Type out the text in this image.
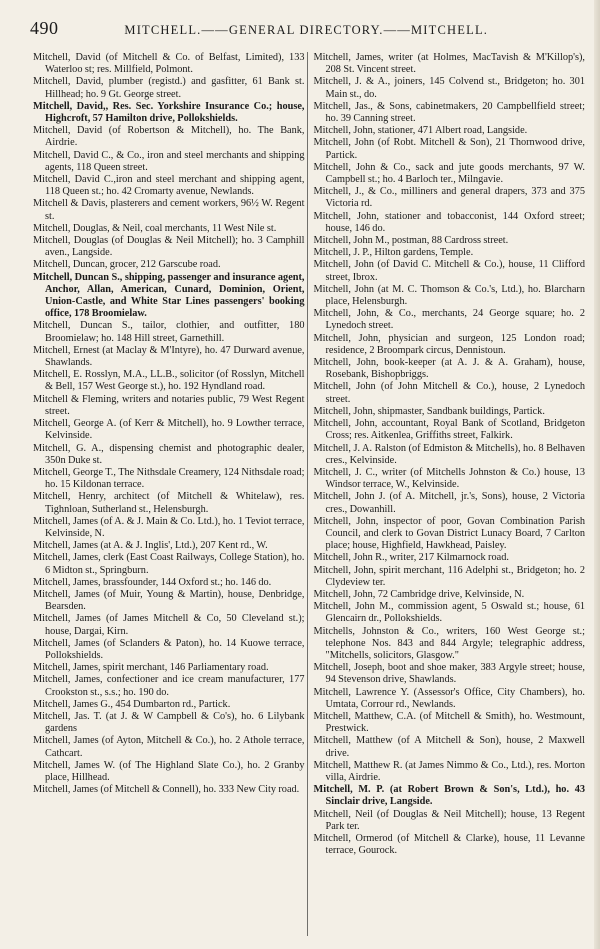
490	MITCHELL.——GENERAL DIRECTORY.——MITCHELL.

Mitchell, David (of Mitchell & Co. of Belfast, Limited), 133 Waterloo st; res. Millfield, Polmont.

Mitchell, David, plumber (registd.) and gasfitter, 61 Bank st. Hillhead; ho. 9 Gt. George street.

Mitchell, David,, Res. Sec. Yorkshire Insurance Co.; house, Highcroft, 57 Hamilton drive, Pollokshields.

Mitchell, David (of Robertson & Mitchell), ho. The Bank, Airdrie.

Mitchell, David C., & Co., iron and steel merchants and shipping agents, 118 Queen street.

Mitchell, David C.,iron and steel merchant and shipping agent, 118 Queen st.; ho. 42 Cromarty avenue, Newlands.

Mitchell & Davis, plasterers and cement workers, 96½ W. Regent st.

Mitchell, Douglas, & Neil, coal merchants, 11 West Nile st.

Mitchell, Douglas (of Douglas & Neil Mitchell); ho. 3 Camphill aven., Langside.

Mitchell, Duncan, grocer, 212 Garscube road.

Mitchell, Duncan S., shipping, passenger and insurance agent, Anchor, Allan, American, Cunard, Dominion, Orient, Union-Castle, and White Star Lines passengers' booking office, 178 Broomielaw.

Mitchell, Duncan S., tailor, clothier, and outfitter, 180 Broomielaw; ho. 148 Hill street, Garnethill.

Mitchell, Ernest (at Maclay & M'Intyre), ho. 47 Durward avenue, Shawlands.

Mitchell, E. Rosslyn, M.A., LL.B., solicitor (of Rosslyn, Mitchell & Bell, 157 West George st.), ho. 192 Hyndland road.

Mitchell & Fleming, writers and notaries public, 79 West Regent street.

Mitchell, George A. (of Kerr & Mitchell), ho. 9 Lowther terrace, Kelvinside.

Mitchell, G. A., dispensing chemist and photographic dealer, 350n Duke st.

Mitchell, George T., The Nithsdale Creamery, 124 Nithsdale road; ho. 15 Kildonan terrace.

Mitchell, Henry, architect (of Mitchell & Whitelaw), res. Tighnloan, Sutherland st., Helensburgh.

Mitchell, James (of A. & J. Main & Co. Ltd.), ho. 1 Teviot terrace, Kelvinside, N.

Mitchell, James (at A. & J. Inglis', Ltd.), 207 Kent rd., W.

Mitchell, James, clerk (East Coast Railways, College Station), ho. 6 Midton st., Springburn.

Mitchell, James, brassfounder, 144 Oxford st.; ho. 146 do.

Mitchell, James (of Muir, Young & Martin), house, Denbridge, Bearsden.

Mitchell, James (of James Mitchell & Co, 50 Cleveland st.); house, Dargai, Kirn.

Mitchell, James (of Sclanders & Paton), ho. 14 Kuowe terrace, Pollokshields.

Mitchell, James, spirit merchant, 146 Parliamentary road.

Mitchell, James, confectioner and ice cream manufacturer, 177 Crookston st., s.s.; ho. 190 do.

Mitchell, James G., 454 Dumbarton rd., Partick.

Mitchell, Jas. T. (at J. & W Campbell & Co's), ho. 6 Lilybank gardens

Mitchell, James (of Ayton, Mitchell & Co.), ho. 2 Athole terrace, Cathcart.

Mitchell, James W. (of The Highland Slate Co.), ho. 2 Granby place, Hillhead.

Mitchell, James (of Mitchell & Connell), ho. 333 New City road.

Mitchell, James, writer (at Holmes, MacTavish & M'Killop's), 208 St. Vincent street.

Mitchell, J. & A., joiners, 145 Colvend st., Bridgeton; ho. 301 Main st., do.

Mitchell, Jas., & Sons, cabinetmakers, 20 Campbellfield street; ho. 39 Canning street.

Mitchell, John, stationer, 471 Albert road, Langside.

Mitchell, John (of Robt. Mitchell & Son), 21 Thornwood drive, Partick.

Mitchell, John & Co., sack and jute goods merchants, 97 W. Campbell st.; ho. 4 Barloch ter., Milngavie.

Mitchell, J., & Co., milliners and general drapers, 373 and 375 Victoria rd.

Mitchell, John, stationer and tobacconist, 144 Oxford street; house, 146 do.

Mitchell, John M., postman, 88 Cardross street.

Mitchell, J. P., Hilton gardens, Temple.

Mitchell, John (of David C. Mitchell & Co.), house, 11 Clifford street, Ibrox.

Mitchell, John (at M. C. Thomson & Co.'s, Ltd.), ho. Blarcharn place, Helensburgh.

Mitchell, John, & Co., merchants, 24 George square; ho. 2 Lynedoch street.

Mitchell, John, physician and surgeon, 125 London road; residence, 2 Broompark circus, Dennistoun.

Mitchell, John, book-keeper (at A. J. & A. Graham), house, Rosebank, Bishopbriggs.

Mitchell, John (of John Mitchell & Co.), house, 2 Lynedoch street.

Mitchell, John, shipmaster, Sandbank buildings, Partick.

Mitchell, John, accountant, Royal Bank of Scotland, Bridgeton Cross; res. Aitkenlea, Griffiths street, Falkirk.

Mitchell, J. A. Ralston (of Edmiston & Mitchells), ho. 8 Belhaven cres., Kelvinside.

Mitchell, J. C., writer (of Mitchells Johnston & Co.) house, 13 Windsor terrace, W., Kelvinside.

Mitchell, John J. (of A. Mitchell, jr.'s, Sons), house, 2 Victoria cres., Dowanhill.

Mitchell, John, inspector of poor, Govan Combination Parish Council, and clerk to Govan District Lunacy Board, 7 Carlton place; house, Highfield, Hawkhead, Paisley.

Mitchell, John R., writer, 217 Kilmarnock road.

Mitchell, John, spirit merchant, 116 Adelphi st., Bridgeton; ho. 2 Clydeview ter.

Mitchell, John, 72 Cambridge drive, Kelvinside, N.

Mitchell, John M., commission agent, 5 Oswald st.; house, 61 Glencairn dr., Pollokshields.

Mitchells, Johnston & Co., writers, 160 West George st.; telephone Nos. 843 and 844 Argyle; telegraphic address, "Mitchells, solicitors, Glasgow."

Mitchell, Joseph, boot and shoe maker, 383 Argyle street; house, 94 Stevenson drive, Shawlands.

Mitchell, Lawrence Y. (Assessor's Office, City Chambers), ho. Umtata, Corrour rd., Newlands.

Mitchell, Matthew, C.A. (of Mitchell & Smith), ho. Westmount, Prestwick.

Mitchell, Matthew (of A Mitchell & Son), house, 2 Maxwell drive.

Mitchell, Matthew R. (at James Nimmo & Co., Ltd.), res. Morton villa, Airdrie.

Mitchell, M. P. (at Robert Brown & Son's, Ltd.), ho. 43 Sinclair drive, Langside.

Mitchell, Neil (of Douglas & Neil Mitchell); house, 13 Regent Park ter.

Mitchell, Ormerod (of Mitchell & Clarke), house, 11 Levanne terrace, Gourock.
